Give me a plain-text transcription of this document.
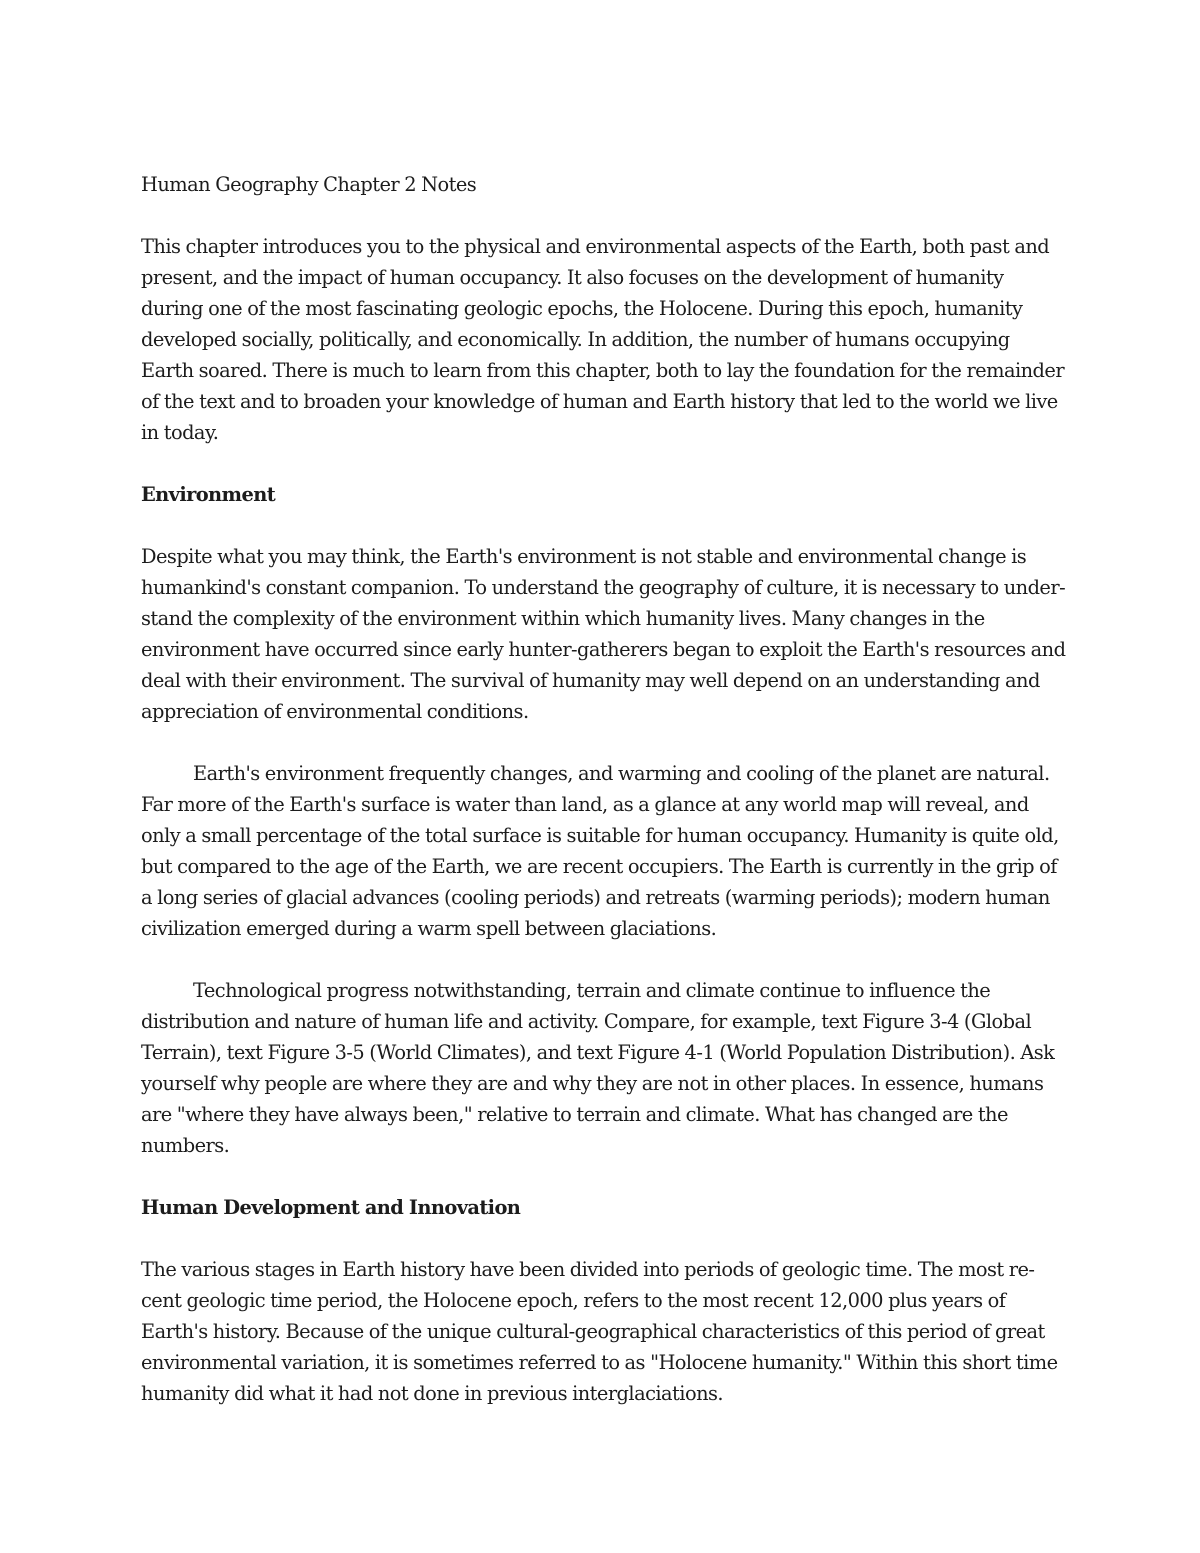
Human Geography Chapter 2 Notes

This chapter introduces you to the physical and environmental aspects of the Earth, both past and present, and the impact of human occupancy. It also focuses on the development of humanity during one of the most fascinating geologic epochs, the Holocene. During this epoch, humanity developed socially, politically, and economically. In addition, the number of humans occupying Earth soared. There is much to learn from this chapter, both to lay the foundation for the remainder of the text and to broaden your knowledge of human and Earth history that led to the world we live in today.

Environment

Despite what you may think, the Earth's environment is not stable and environmental change is humankind's constant companion. To understand the geography of culture, it is necessary to under-stand the complexity of the environment within which humanity lives. Many changes in the environment have occurred since early hunter-gatherers began to exploit the Earth's resources and deal with their environment. The survival of humanity may well depend on an understanding and appreciation of environmental conditions.

Earth's environment frequently changes, and warming and cooling of the planet are natural. Far more of the Earth's surface is water than land, as a glance at any world map will reveal, and only a small percentage of the total surface is suitable for human occupancy. Humanity is quite old, but compared to the age of the Earth, we are recent occupiers. The Earth is currently in the grip of a long series of glacial advances (cooling periods) and retreats (warming periods); modern human civilization emerged during a warm spell between glaciations.

Technological progress notwithstanding, terrain and climate continue to influence the distribution and nature of human life and activity. Compare, for example, text Figure 3-4 (Global Terrain), text Figure 3-5 (World Climates), and text Figure 4-1 (World Population Distribution). Ask yourself why people are where they are and why they are not in other places. In essence, humans are "where they have always been," relative to terrain and climate. What has changed are the numbers.

Human Development and Innovation

The various stages in Earth history have been divided into periods of geologic time. The most re-cent geologic time period, the Holocene epoch, refers to the most recent 12,000 plus years of Earth's history. Because of the unique cultural-geographical characteristics of this period of great environmental variation, it is sometimes referred to as "Holocene humanity." Within this short time humanity did what it had not done in previous interglaciations.
